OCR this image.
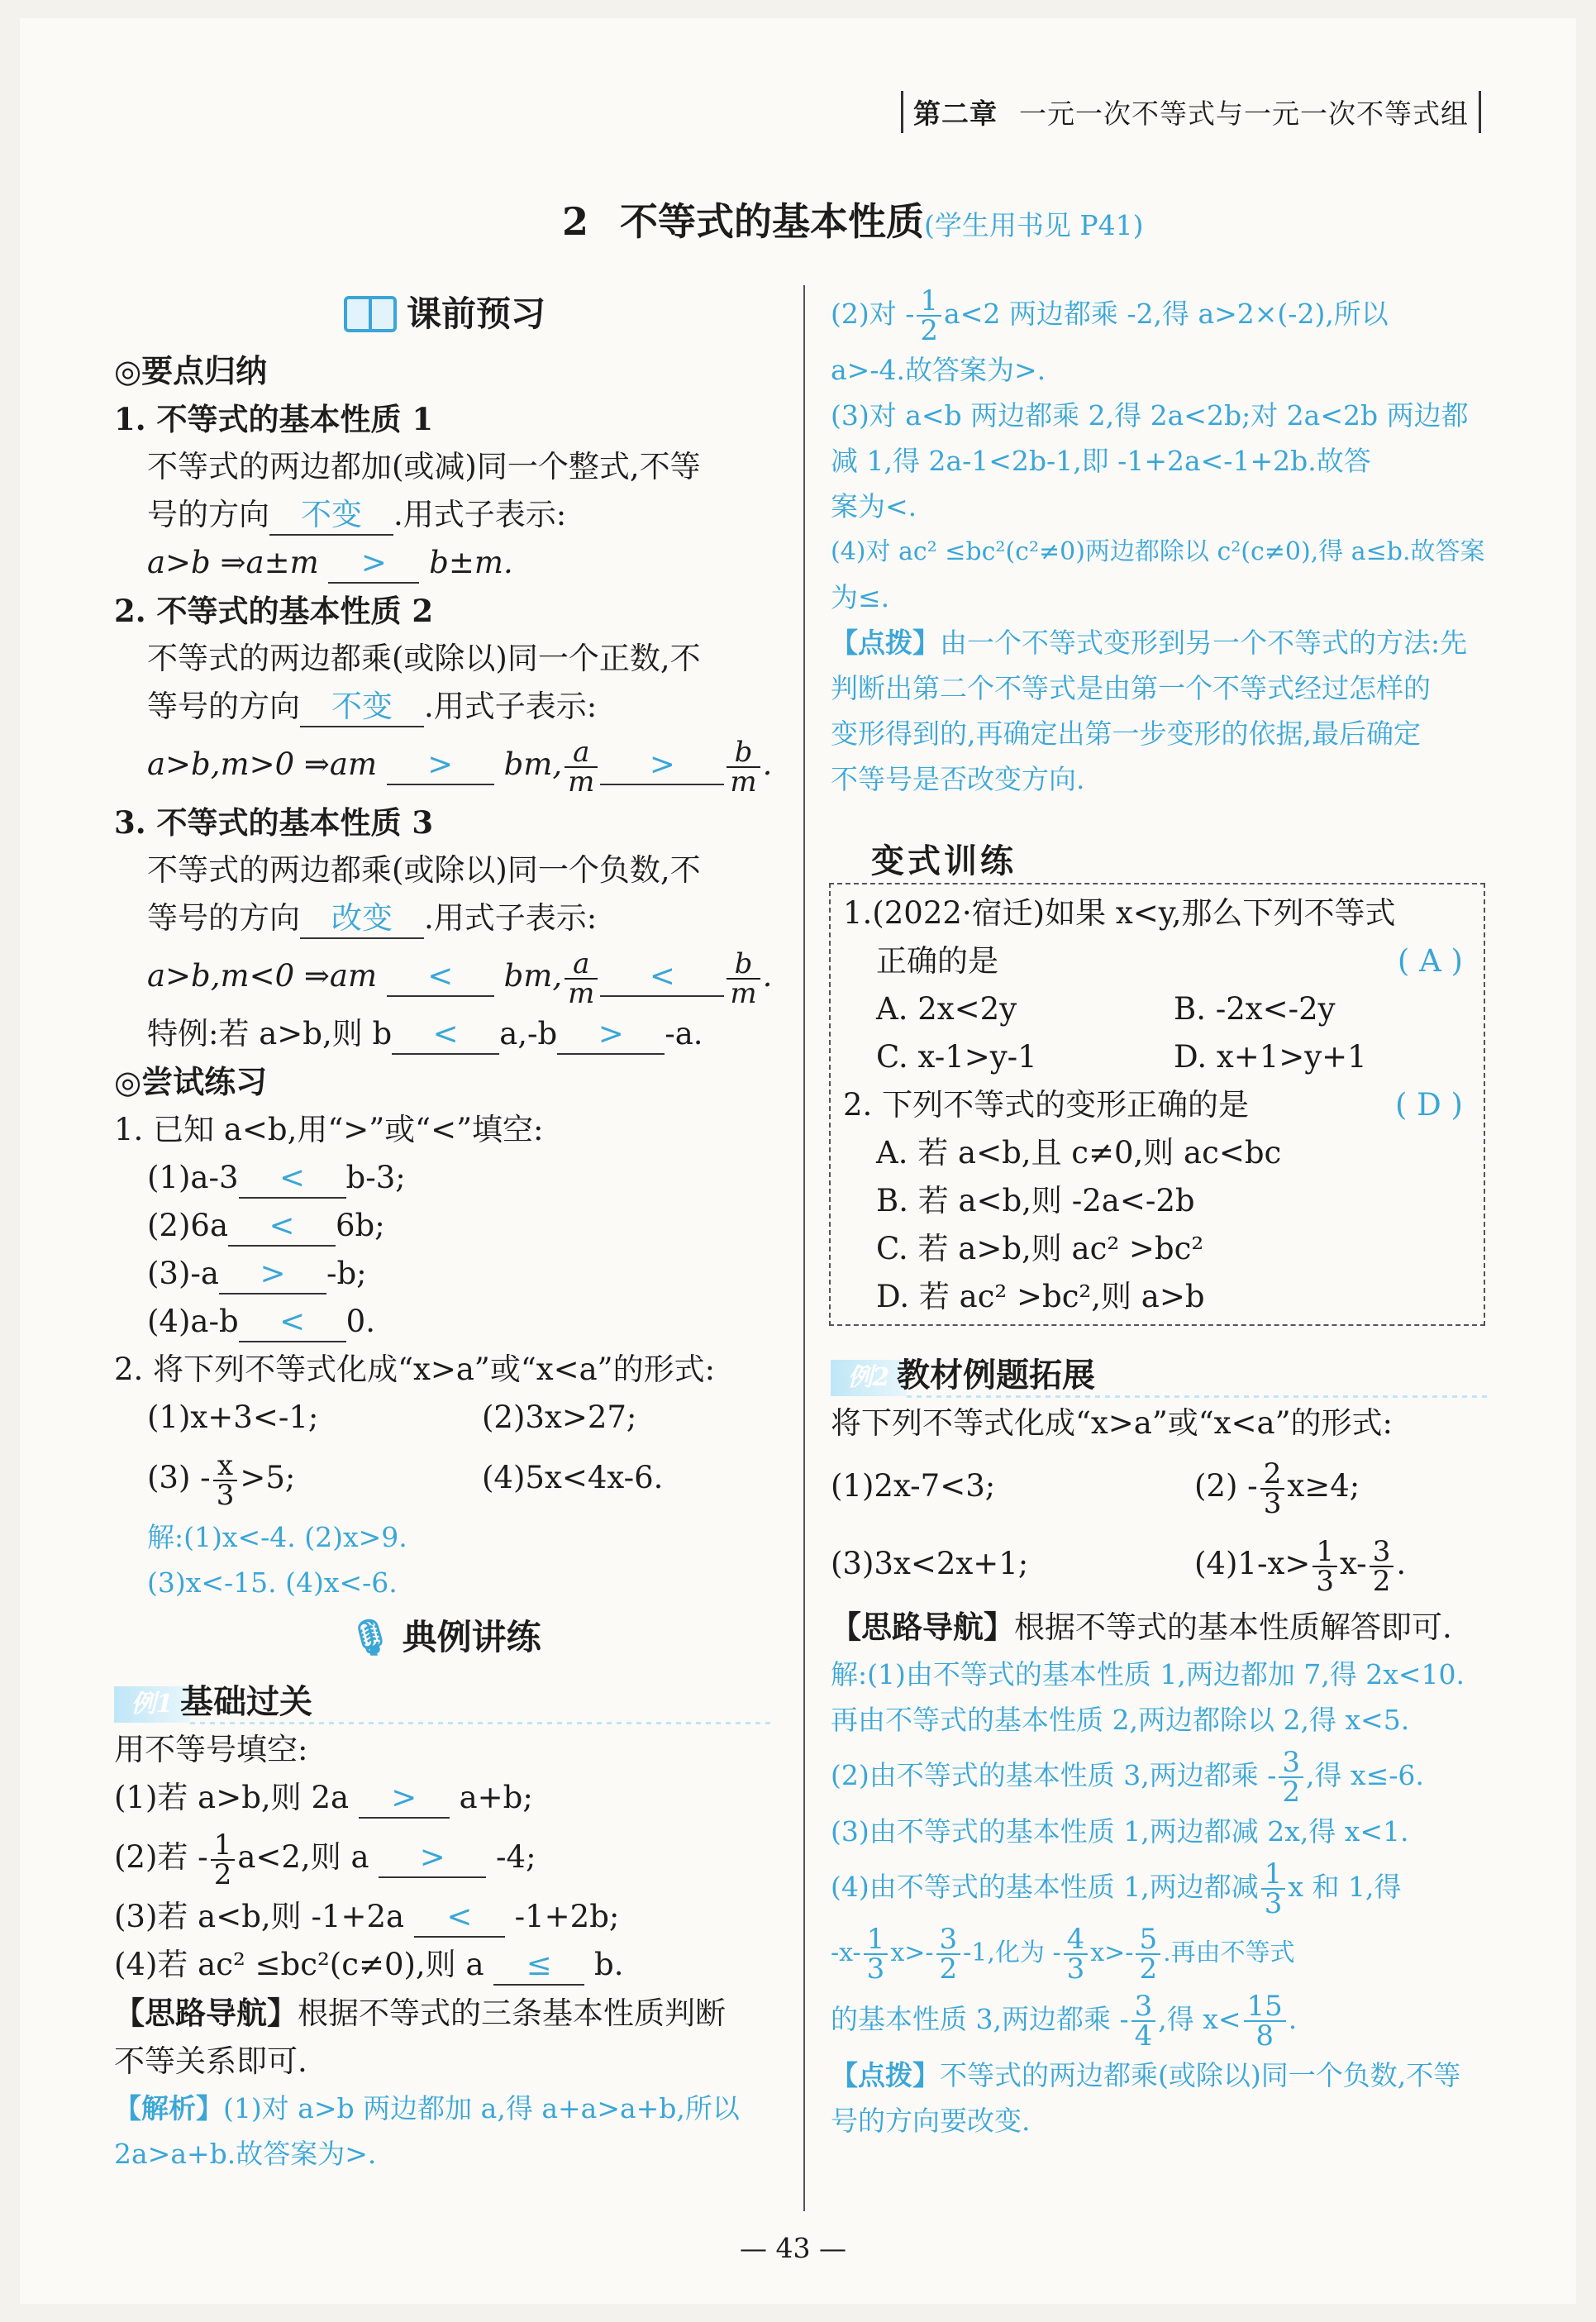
第二章 一元一次不等式与一元一次不等式组
2 不等式的基本性质(学生用书见 P41)
课前预习
◎要点归纳
1. 不等式的基本性质 1
不等式的两边都加(或减)同一个整式,不等
号的方向 不变 .用式子表示:
a>b ⇒a±m > b±m.
2. 不等式的基本性质 2
不等式的两边都乘(或除以)同一个正数,不
等号的方向 不变 .用式子表示:
a>b,m>0 ⇒am > bm, $\frac{a}{m} > \frac{b}{m}$ .
3. 不等式的基本性质 3
不等式的两边都乘(或除以)同一个负数,不
等号的方向 改变 .用式子表示:
a>b,m<0 ⇒am < bm, $\frac{a}{m} < \frac{b}{m}$ .
特例:若 a>b,则 b < a,-b > -a.
◎尝试练习
1. 已知 a<b,用“>”或“<”填空:
(1)a-3 < b-3;
(2)6a < 6b;
(3)-a > -b;
(4)a-b < 0.
2. 将下列不等式化成“x>a”或“x<a”的形式:
(1)x+3<-1;	(2)3x>27;
$(3) - \frac{x}{3} >5$;	(4)5x<4x-6.
解:(1)x<-4. (2)x>9.
(3)x<-15. (4)x<-6.
🎙 典例讲练
例1 基础过关
用不等号填空:
(1)若 a>b,则 2a > a+b;
(2)若 - $\frac{1}{2} a<2$,则 a > -4;
(3)若 a<b,则 -1+2a < -1+2b;
(4)若 ac² ≤bc²(c≠0),则 a ≤ b.
【思路导航】根据不等式的三条基本性质判断
不等关系即可.
【解析】(1)对 a>b 两边都加 a,得 a+a>a+b,所以
2a>a+b.故答案为>.
(2)对 - $\frac{1}{2} a<2$ 两边都乘 -2,得 a>2×(-2),所以
a>-4.故答案为>.
(3)对 a<b 两边都乘 2,得 2a<2b;对 2a<2b 两边都
减 1,得 2a-1<2b-1,即 -1+2a<-1+2b.故答
案为<.
(4)对 ac² ≤bc²(c²≠0)两边都除以 c²(c≠0),得 a≤b.故答案
为≤.
【点拨】由一个不等式变形到另一个不等式的方法:先
判断出第二个不等式是由第一个不等式经过怎样的
变形得到的,再确定出第一步变形的依据,最后确定
不等号是否改变方向.
变式训练
1.(2022·宿迁)如果 x<y,那么下列不等式
正确的是	( A )
A. 2x<2y	B. -2x<-2y
C. x-1>y-1	D. x+1>y+1
2. 下列不等式的变形正确的是	( D )
A. 若 a<b,且 c≠0,则 ac<bc
B. 若 a<b,则 -2a<-2b
C. 若 a>b,则 ac² >bc²
D. 若 ac² >bc²,则 a>b
例2 教材例题拓展
将下列不等式化成“x>a”或“x<a”的形式:
(1)2x-7<3;	$(2) - \frac{2}{3} x\ge 4$;
(3)3x<2x+1;	$(4)1-x> \frac{1}{3} x- \frac{3}{2}$ .
【思路导航】根据不等式的基本性质解答即可.
解:(1)由不等式的基本性质 1,两边都加 7,得 2x<10.
再由不等式的基本性质 2,两边都除以 2,得 x<5.
(2)由不等式的基本性质 3,两边都乘 - $\frac{3}{2}$ ,得 x≤-6.
(3)由不等式的基本性质 1,两边都减 2x,得 x<1.
(4)由不等式的基本性质 1,两边都减 $\frac{1}{3}$ x 和 1,得
$-x- \frac{1}{3} x>- \frac{3}{2} -1$,化为 - $\frac{4}{3} x>- \frac{5}{2}$ .再由不等式
的基本性质 3,两边都乘 - $\frac{3}{4}$ ,得 $x< \frac{15}{8}$ .
【点拨】不等式的两边都乘(或除以)同一个负数,不等
号的方向要改变.
— 43 —
